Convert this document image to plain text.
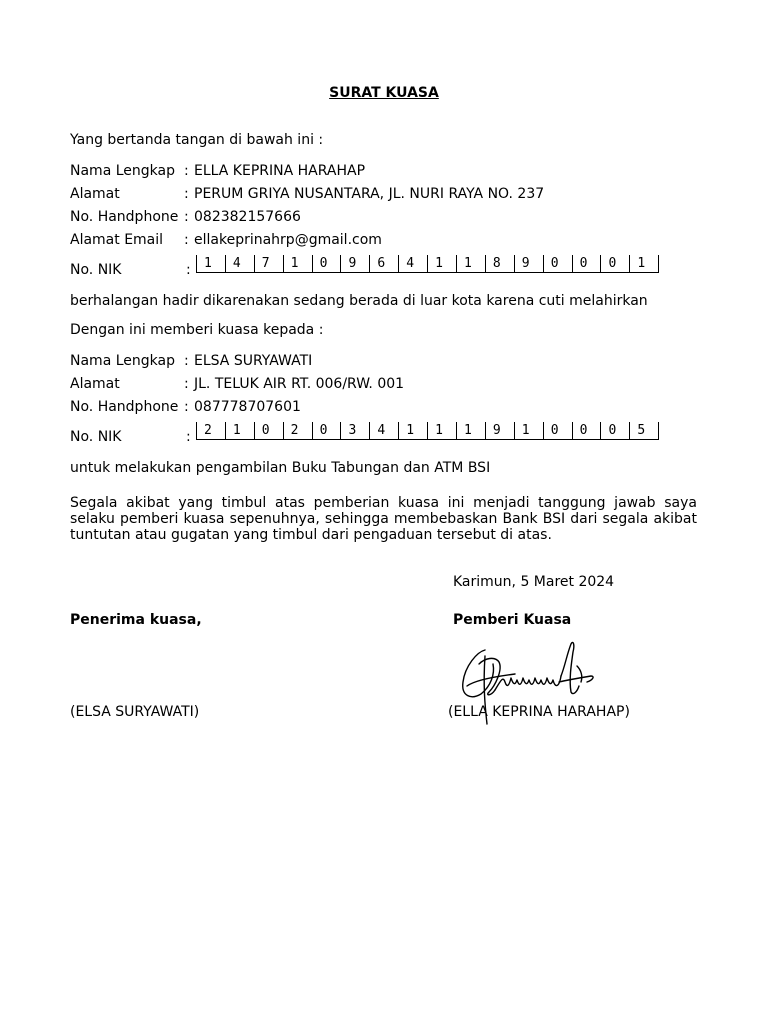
SURAT KUASA
Yang bertanda tangan di bawah ini :
Nama Lengkap : ELLA KEPRINA HARAHAP
Alamat	: PERUM GRIYA NUSANTARA, JL. NURI RAYA NO. 237
No. Handphone : 082382157666
Alamat Email : ellakeprinahrp@gmail.com
No. NIK	:	1	4	7	1	0	9	6	4	1	1	8	9	0	0	0	1
berhalangan hadir dikarenakan sedang berada di luar kota karena cuti melahirkan
Dengan ini memberi kuasa kepada :
Nama Lengkap : ELSA SURYAWATI
Alamat	: JL. TELUK AIR RT. 006/RW. 001
No. Handphone : 087778707601
No. NIK	:	2	1	0	2	0	3	4	1	1	1	9	1	0	0	0	5
untuk melakukan pengambilan Buku Tabungan dan ATM BSI
Segala akibat yang timbul atas pemberian kuasa ini menjadi tanggung jawab saya selaku pemberi kuasa sepenuhnya, sehingga membebaskan Bank BSI dari segala akibat tuntutan atau gugatan yang timbul dari pengaduan tersebut di atas.
Karimun, 5 Maret 2024
Penerima kuasa,	Pemberi Kuasa
(ELSA SURYAWATI)	(ELLA KEPRINA HARAHAP)
